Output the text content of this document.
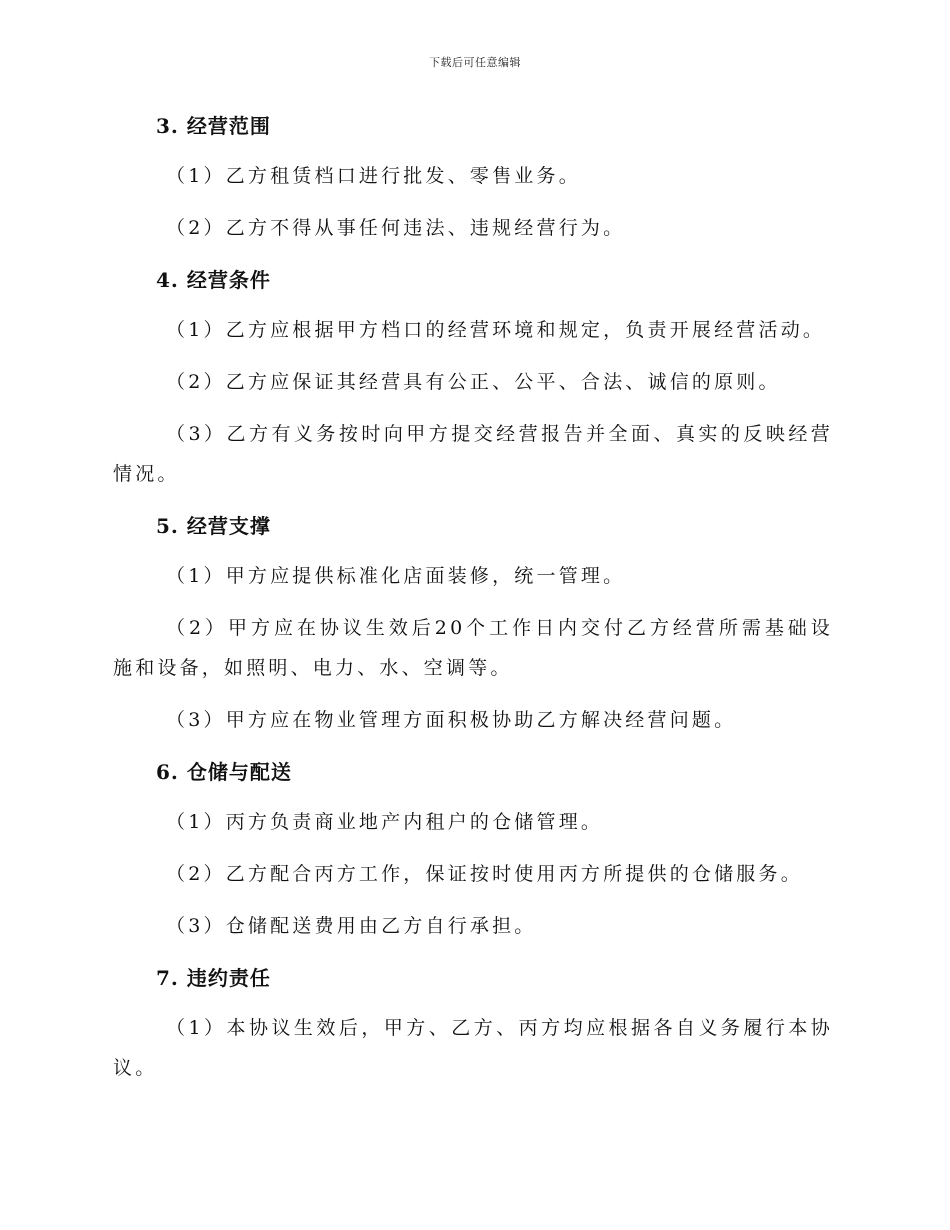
下载后可任意编辑
3. 经营范围

（1）乙方租赁档口进行批发、零售业务。

（2）乙方不得从事任何违法、违规经营行为。

4. 经营条件

（1）乙方应根据甲方档口的经营环境和规定，负责开展经营活动。

（2）乙方应保证其经营具有公正、公平、合法、诚信的原则。

（3）乙方有义务按时向甲方提交经营报告并全面、真实的反映经营情况。

5. 经营支撑

（1）甲方应提供标准化店面装修，统一管理。

（2）甲方应在协议生效后20个工作日内交付乙方经营所需基础设施和设备，如照明、电力、水、空调等。

（3）甲方应在物业管理方面积极协助乙方解决经营问题。

6. 仓储与配送

（1）丙方负责商业地产内租户的仓储管理。

（2）乙方配合丙方工作，保证按时使用丙方所提供的仓储服务。

（3）仓储配送费用由乙方自行承担。

7. 违约责任

（1）本协议生效后，甲方、乙方、丙方均应根据各自义务履行本协议。
